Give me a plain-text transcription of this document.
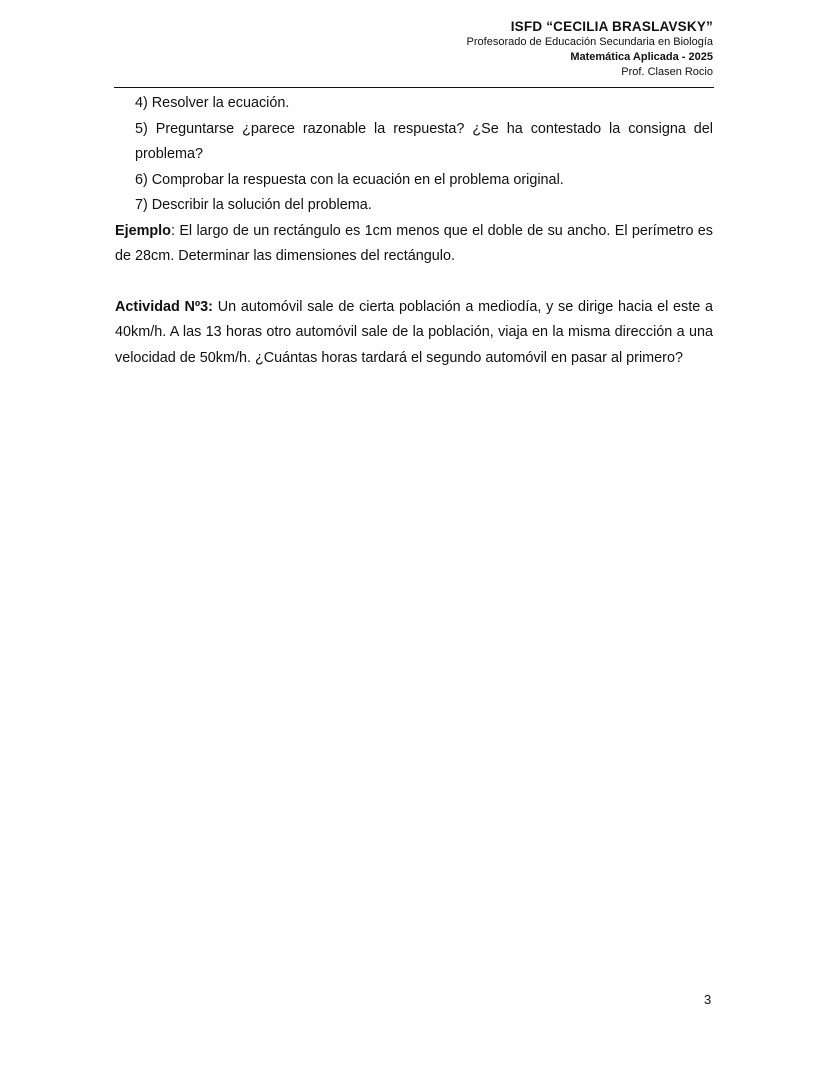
ISFD “CECILIA BRASLAVSKY”
Profesorado de Educación Secundaria en Biología
Matemática Aplicada - 2025
Prof. Clasen Rocio

4) Resolver la ecuación.

5) Preguntarse ¿parece razonable la respuesta? ¿Se ha contestado la consigna del problema?

6) Comprobar la respuesta con la ecuación en el problema original.

7) Describir la solución del problema.

Ejemplo: El largo de un rectángulo es 1cm menos que el doble de su ancho. El perímetro es de 28cm. Determinar las dimensiones del rectángulo.

Actividad Nº3: Un automóvil sale de cierta población a mediodía, y se dirige hacia el este a 40km/h. A las 13 horas otro automóvil sale de la población, viaja en la misma dirección a una velocidad de 50km/h. ¿Cuántas horas tardará el segundo automóvil en pasar al primero?

3
